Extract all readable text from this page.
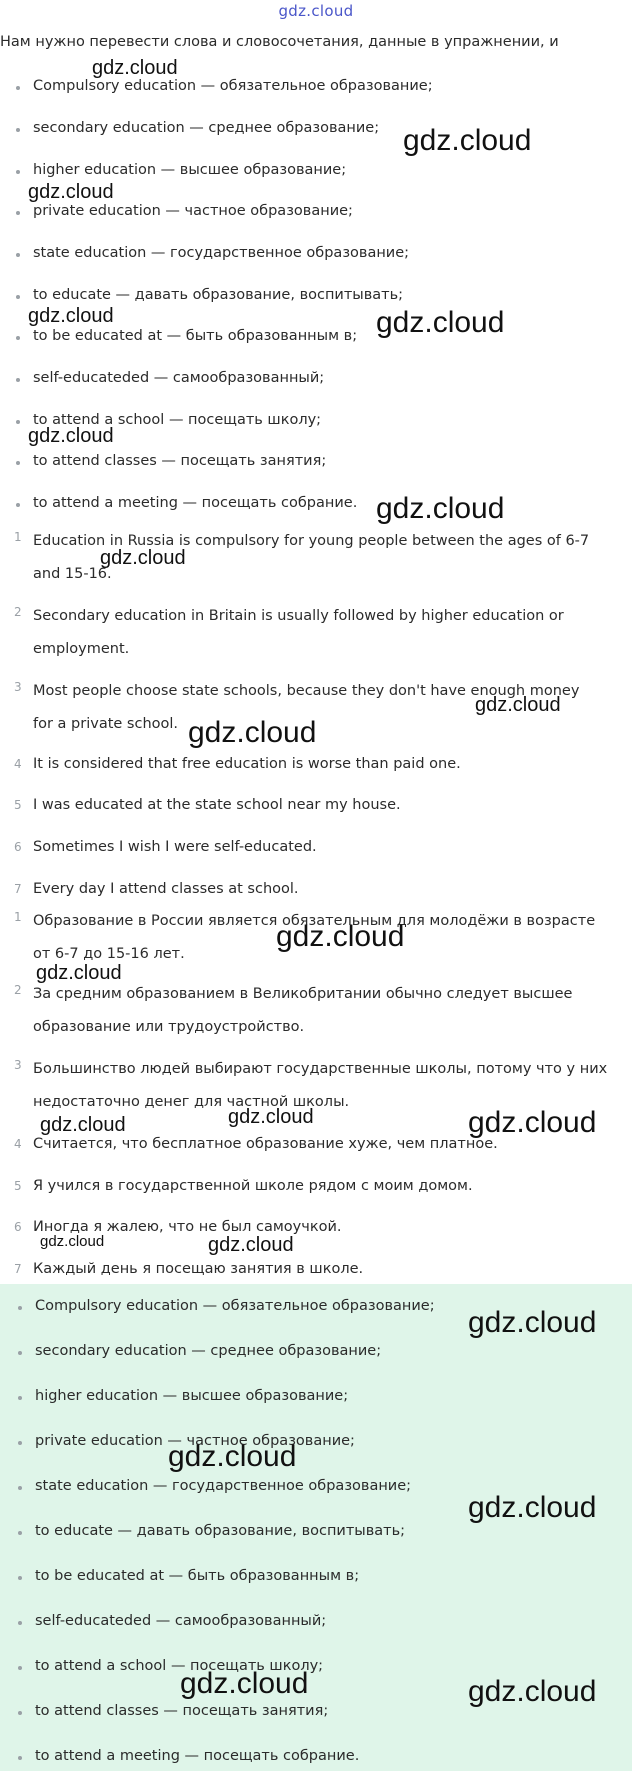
gdz.cloud
Нам нужно перевести слова и словосочетания, данные в упражнении, и
Compulsory education — обязательное образование;
secondary education — среднее образование;
higher education — высшее образование;
private education — частное образование;
state education — государственное образование;
to educate — давать образование, воспитывать;
to be educated at — быть образованным в;
self-educateded — самообразованный;
to attend a school — посещать школу;
to attend classes — посещать занятия;
to attend a meeting — посещать собрание.
1 Education in Russia is compulsory for young people between the ages of 6-7
and 15-16.
2 Secondary education in Britain is usually followed by higher education or
employment.
3 Most people choose state schools, because they don't have enough money
for a private school.
4 It is considered that free education is worse than paid one.
5 I was educated at the state school near my house.
6 Sometimes I wish I were self-educated.
7 Every day I attend classes at school.
1 Образование в России является обязательным для молодёжи в возрасте
от 6-7 до 15-16 лет.
2 За средним образованием в Великобритании обычно следует высшее
образование или трудоустройство.
3 Большинство людей выбирают государственные школы, потому что у них
недостаточно денег для частной школы.
4 Считается, что бесплатное образование хуже, чем платное.
5 Я учился в государственной школе рядом с моим домом.
6 Иногда я жалею, что не был самоучкой.
7 Каждый день я посещаю занятия в школе.
Compulsory education — обязательное образование;
secondary education — среднее образование;
higher education — высшее образование;
private education — частное образование;
state education — государственное образование;
to educate — давать образование, воспитывать;
to be educated at — быть образованным в;
self-educateded — самообразованный;
to attend a school — посещать школу;
to attend classes — посещать занятия;
to attend a meeting — посещать собрание.
gdz.cloud
gdz.cloud
gdz.cloud
gdz.cloud	gdz.cloud
gdz.cloud
gdz.cloud
gdz.cloud
gdz.cloud
gdz.cloud
gdz.cloud
gdz.cloud
gdz.cloud	gdz.cloud	gdz.cloud
gdz.cloud	gdz.cloud
gdz.cloud
gdz.cloud
gdz.cloud
gdz.cloud	gdz.cloud
